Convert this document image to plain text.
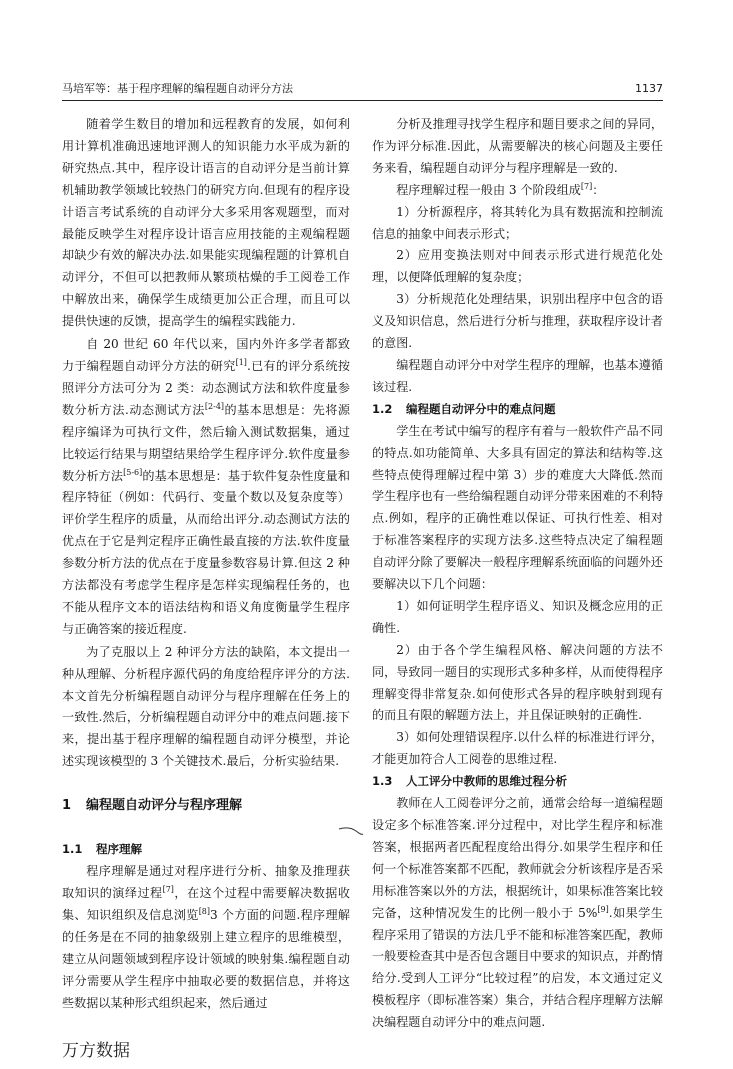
马培军等：基于程序理解的编程题自动评分方法	1137

随着学生数目的增加和远程教育的发展，如何利用计算机准确迅速地评测人的知识能力水平成为新的研究热点.其中，程序设计语言的自动评分是当前计算机辅助教学领域比较热门的研究方向.但现有的程序设计语言考试系统的自动评分大多采用客观题型，而对最能反映学生对程序设计语言应用技能的主观编程题却缺少有效的解决办法.如果能实现编程题的计算机自动评分，不但可以把教师从繁琐枯燥的手工阅卷工作中解放出来，确保学生成绩更加公正合理，而且可以提供快速的反馈，提高学生的编程实践能力.

自 20 世纪 60 年代以来，国内外许多学者都致力于编程题自动评分方法的研究[1].已有的评分系统按照评分方法可分为 2 类：动态测试方法和软件度量参数分析方法.动态测试方法[2-4]的基本思想是：先将源程序编译为可执行文件，然后输入测试数据集，通过比较运行结果与期望结果给学生程序评分.软件度量参数分析方法[5-6]的基本思想是：基于软件复杂性度量和程序特征（例如：代码行、变量个数以及复杂度等）评价学生程序的质量，从而给出评分.动态测试方法的优点在于它是判定程序正确性最直接的方法.软件度量参数分析方法的优点在于度量参数容易计算.但这 2 种方法都没有考虑学生程序是怎样实现编程任务的，也不能从程序文本的语法结构和语义角度衡量学生程序与正确答案的接近程度.

为了克服以上 2 种评分方法的缺陷，本文提出一种从理解、分析程序源代码的角度给程序评分的方法.本文首先分析编程题自动评分与程序理解在任务上的一致性.然后，分析编程题自动评分中的难点问题.接下来，提出基于程序理解的编程题自动评分模型，并论述实现该模型的 3 个关键技术.最后，分析实验结果.

1 编程题自动评分与程序理解
1.1 程序理解

程序理解是通过对程序进行分析、抽象及推理获取知识的演绎过程[7]，在这个过程中需要解决数据收集、知识组织及信息浏览[8]3 个方面的问题.程序理解的任务是在不同的抽象级别上建立程序的思维模型，建立从问题领域到程序设计领域的映射集.编程题自动评分需要从学生程序中抽取必要的数据信息，并将这些数据以某种形式组织起来，然后通过

分析及推理寻找学生程序和题目要求之间的异同，作为评分标准.因此，从需要解决的核心问题及主要任务来看，编程题自动评分与程序理解是一致的.

程序理解过程一般由 3 个阶段组成[7]：

1）分析源程序，将其转化为具有数据流和控制流信息的抽象中间表示形式；

2）应用变换法则对中间表示形式进行规范化处理，以便降低理解的复杂度；

3）分析规范化处理结果，识别出程序中包含的语义及知识信息，然后进行分析与推理，获取程序设计者的意图.

编程题自动评分中对学生程序的理解，也基本遵循该过程.

1.2 编程题自动评分中的难点问题

学生在考试中编写的程序有着与一般软件产品不同的特点.如功能简单、大多具有固定的算法和结构等.这些特点使得理解过程中第 3）步的难度大大降低.然而学生程序也有一些给编程题自动评分带来困难的不利特点.例如，程序的正确性难以保证、可执行性差、相对于标准答案程序的实现方法多.这些特点决定了编程题自动评分除了要解决一般程序理解系统面临的问题外还要解决以下几个问题：

1）如何证明学生程序语义、知识及概念应用的正确性.

2）由于各个学生编程风格、解决问题的方法不同，导致同一题目的实现形式多种多样，从而使得程序理解变得非常复杂.如何使形式各异的程序映射到现有的而且有限的解题方法上，并且保证映射的正确性.

3）如何处理错误程序.以什么样的标准进行评分，才能更加符合人工阅卷的思维过程.

1.3 人工评分中教师的思维过程分析

教师在人工阅卷评分之前，通常会给每一道编程题设定多个标准答案.评分过程中，对比学生程序和标准答案，根据两者匹配程度给出得分.如果学生程序和任何一个标准答案都不匹配，教师就会分析该程序是否采用标准答案以外的方法，根据统计，如果标准答案比较完备，这种情况发生的比例一般小于 5%[9].如果学生程序采用了错误的方法几乎不能和标准答案匹配，教师一般要检查其中是否包含题目中要求的知识点，并酌情给分.受到人工评分“比较过程”的启发，本文通过定义模板程序（即标准答案）集合，并结合程序理解方法解决编程题自动评分中的难点问题.

万方数据
